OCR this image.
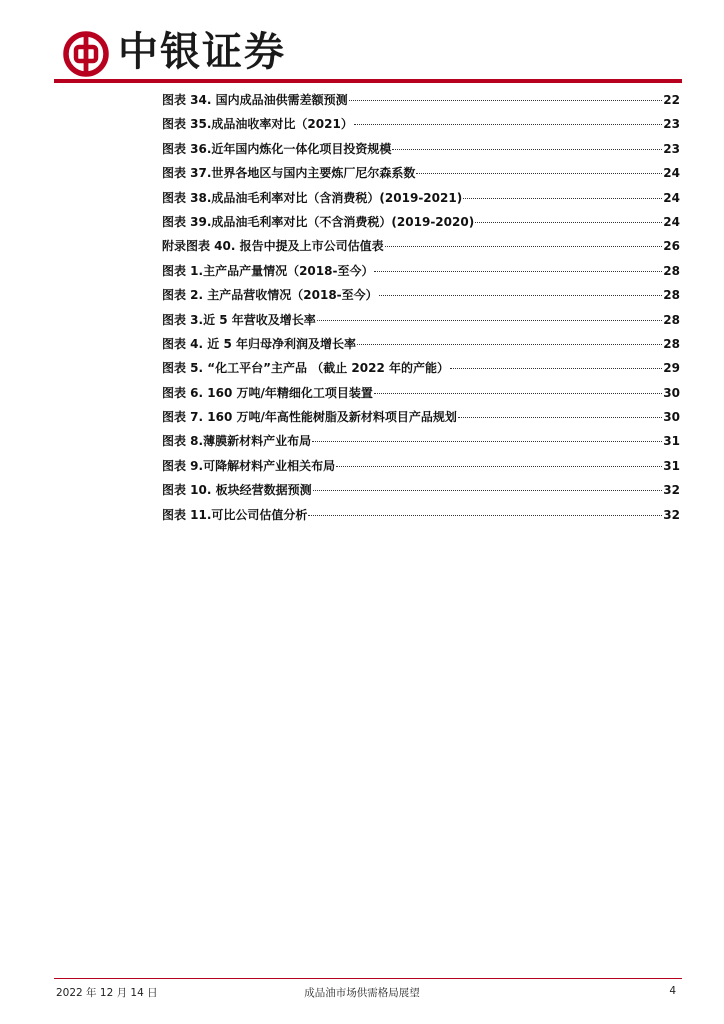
中银证券
图表 34. 国内成品油供需差额预测	22
图表 35.成品油收率对比（2021）	23
图表 36.近年国内炼化一体化项目投资规模	23
图表 37.世界各地区与国内主要炼厂尼尔森系数	24
图表 38.成品油毛利率对比（含消费税）(2019-2021)	24
图表 39.成品油毛利率对比（不含消费税）(2019-2020)	24
附录图表 40. 报告中提及上市公司估值表	26
图表 1.主产品产量情况（2018-至今）	28
图表 2. 主产品营收情况（2018-至今）	28
图表 3.近 5 年营收及增长率	28
图表 4. 近 5 年归母净利润及增长率	28
图表 5. “化工平台”主产品 （截止 2022 年的产能）	29
图表 6. 160 万吨/年精细化工项目装置	30
图表 7. 160 万吨/年高性能树脂及新材料项目产品规划	30
图表 8.薄膜新材料产业布局	31
图表 9.可降解材料产业相关布局	31
图表 10. 板块经营数据预测	32
图表 11.可比公司估值分析	32
2022 年 12 月 14 日	成品油市场供需格局展望	4
